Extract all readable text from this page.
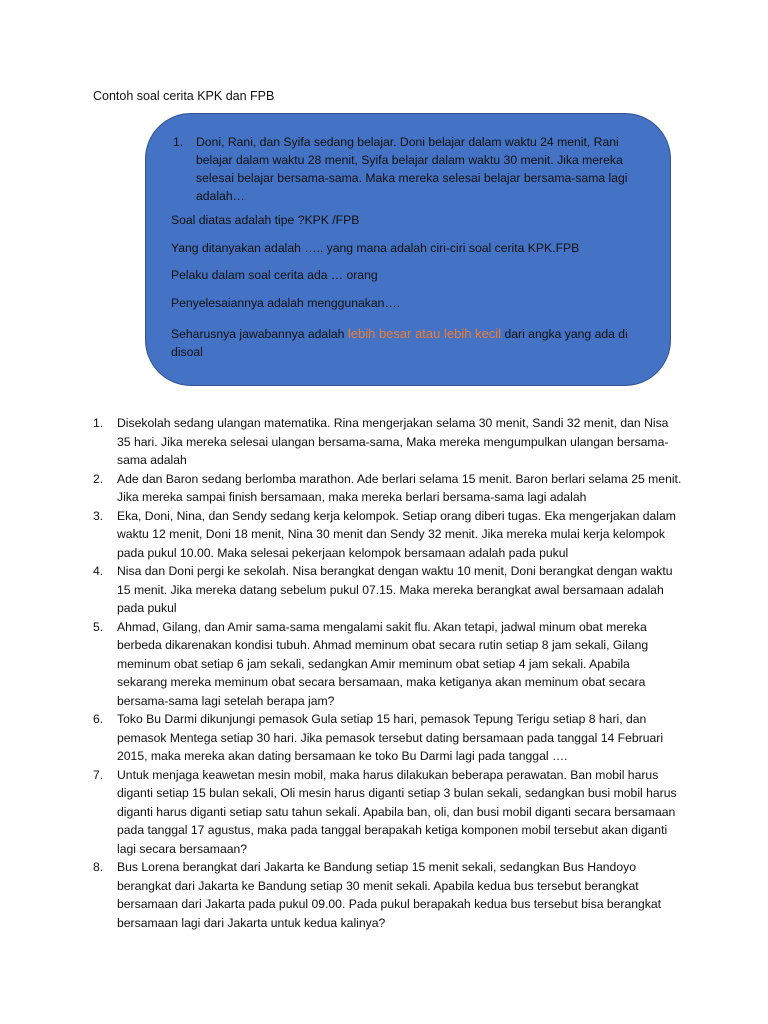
Contoh soal cerita KPK dan FPB
1. Doni, Rani, dan Syifa sedang belajar. Doni belajar dalam waktu 24 menit, Rani belajar dalam waktu 28 menit, Syifa belajar dalam waktu 30 menit. Jika mereka selesai belajar bersama-sama. Maka mereka selesai belajar bersama-sama lagi adalah…
Soal diatas adalah tipe ?KPK /FPB
Yang ditanyakan adalah ….. yang mana adalah ciri-ciri soal cerita KPK.FPB
Pelaku dalam soal cerita ada … orang
Penyelesaiannya adalah menggunakan….
Seharusnya jawabannya adalah lebih besar atau lebih kecil dari angka yang ada di disoal
1. Disekolah sedang ulangan matematika. Rina mengerjakan selama 30 menit, Sandi 32 menit, dan Nisa 35 hari. Jika mereka selesai ulangan bersama-sama, Maka mereka mengumpulkan ulangan bersama-sama adalah
2. Ade dan Baron sedang berlomba marathon. Ade berlari selama 15 menit. Baron berlari selama 25 menit. Jika mereka sampai finish bersamaan, maka mereka berlari bersama-sama lagi adalah
3. Eka, Doni, Nina, dan Sendy sedang kerja kelompok. Setiap orang diberi tugas. Eka mengerjakan dalam waktu 12 menit, Doni 18 menit, Nina 30 menit dan Sendy 32 menit. Jika mereka mulai kerja kelompok pada pukul 10.00. Maka selesai pekerjaan kelompok bersamaan adalah pada pukul
4. Nisa dan Doni pergi ke sekolah. Nisa berangkat dengan waktu 10 menit, Doni berangkat dengan waktu 15 menit. Jika mereka datang sebelum pukul 07.15. Maka mereka berangkat awal bersamaan adalah pada pukul
5. Ahmad, Gilang, dan Amir sama-sama mengalami sakit flu. Akan tetapi, jadwal minum obat mereka berbeda dikarenakan kondisi tubuh. Ahmad meminum obat secara rutin setiap 8 jam sekali, Gilang meminum obat setiap 6 jam sekali, sedangkan Amir meminum obat setiap 4 jam sekali. Apabila sekarang mereka meminum obat secara bersamaan, maka ketiganya akan meminum obat secara bersama-sama lagi setelah berapa jam?
6. Toko Bu Darmi dikunjungi pemasok Gula setiap 15 hari, pemasok Tepung Terigu setiap 8 hari, dan pemasok Mentega setiap 30 hari. Jika pemasok tersebut dating bersamaan pada tanggal 14 Februari 2015, maka mereka akan dating bersamaan ke toko Bu Darmi lagi pada tanggal ….
7. Untuk menjaga keawetan mesin mobil, maka harus dilakukan beberapa perawatan. Ban mobil harus diganti setiap 15 bulan sekali, Oli mesin harus diganti setiap 3 bulan sekali, sedangkan busi mobil harus diganti harus diganti setiap satu tahun sekali. Apabila ban, oli, dan busi mobil diganti secara bersamaan pada tanggal 17 agustus, maka pada tanggal berapakah ketiga komponen mobil tersebut akan diganti lagi secara bersamaan?
8. Bus Lorena berangkat dari Jakarta ke Bandung setiap 15 menit sekali, sedangkan Bus Handoyo berangkat dari Jakarta ke Bandung setiap 30 menit sekali. Apabila kedua bus tersebut berangkat bersamaan dari Jakarta pada pukul 09.00. Pada pukul berapakah kedua bus tersebut bisa berangkat bersamaan lagi dari Jakarta untuk kedua kalinya?
